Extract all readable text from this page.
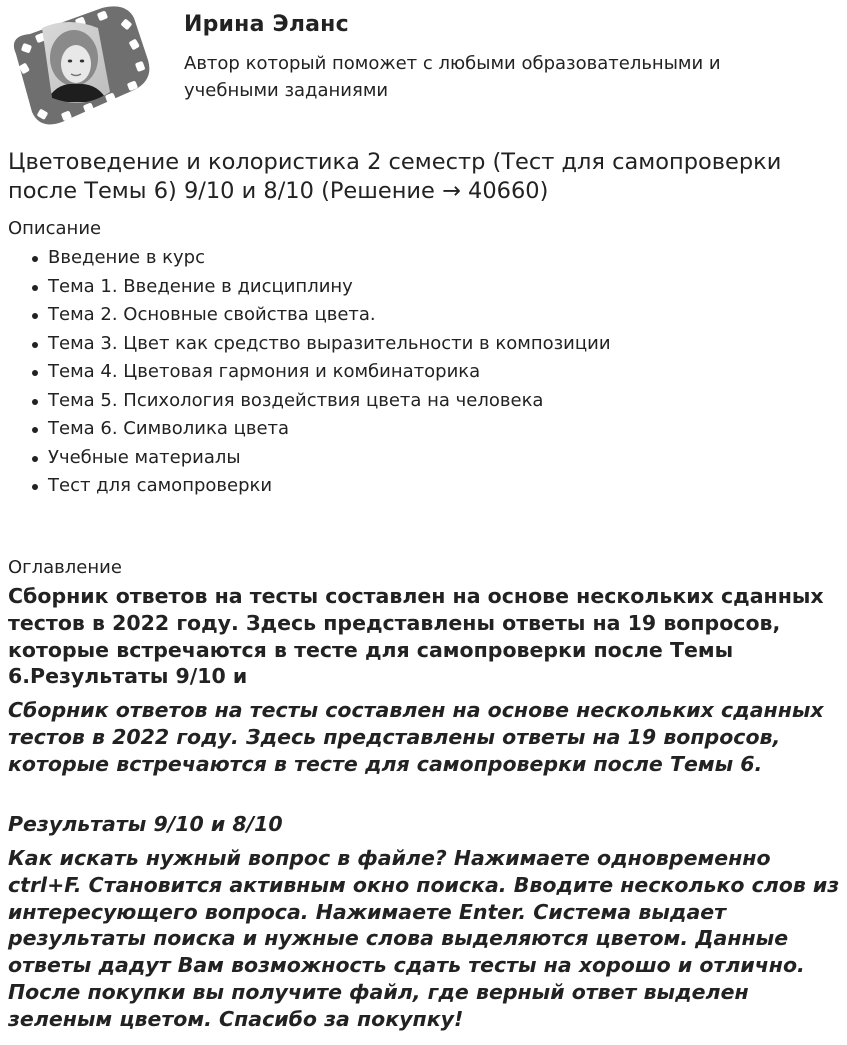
Ирина Эланс
Автор который поможет с любыми образовательными и учебными заданиями
Цветоведение и колористика 2 семестр (Тест для самопроверки после Темы 6) 9/10 и 8/10 (Решение → 40660)
Описание
Введение в курс
Тема 1. Введение в дисциплину
Тема 2. Основные свойства цвета.
Тема 3. Цвет как средство выразительности в композиции
Тема 4. Цветовая гармония и комбинаторика
Тема 5. Психология воздействия цвета на человека
Тема 6. Символика цвета
Учебные материалы
Тест для самопроверки
Оглавление

Сборник ответов на тесты составлен на основе нескольких сданных тестов в 2022 году. Здесь представлены ответы на 19 вопросов, которые встречаются в тесте для самопроверки после Темы 6.Результаты 9/10 и

Сборник ответов на тесты составлен на основе нескольких сданных тестов в 2022 году. Здесь представлены ответы на 19 вопросов, которые встречаются в тесте для самопроверки после Темы 6.

Результаты 9/10 и 8/10

Как искать нужный вопрос в файле? Нажимаете одновременно ctrl+F. Становится активным окно поиска. Вводите несколько слов из интересующего вопроса. Нажимаете Enter. Система выдает результаты поиска и нужные слова выделяются цветом. Данные ответы дадут Вам возможность сдать тесты на хорошо и отлично. После покупки вы получите файл, где верный ответ выделен зеленым цветом. Спасибо за покупку!
